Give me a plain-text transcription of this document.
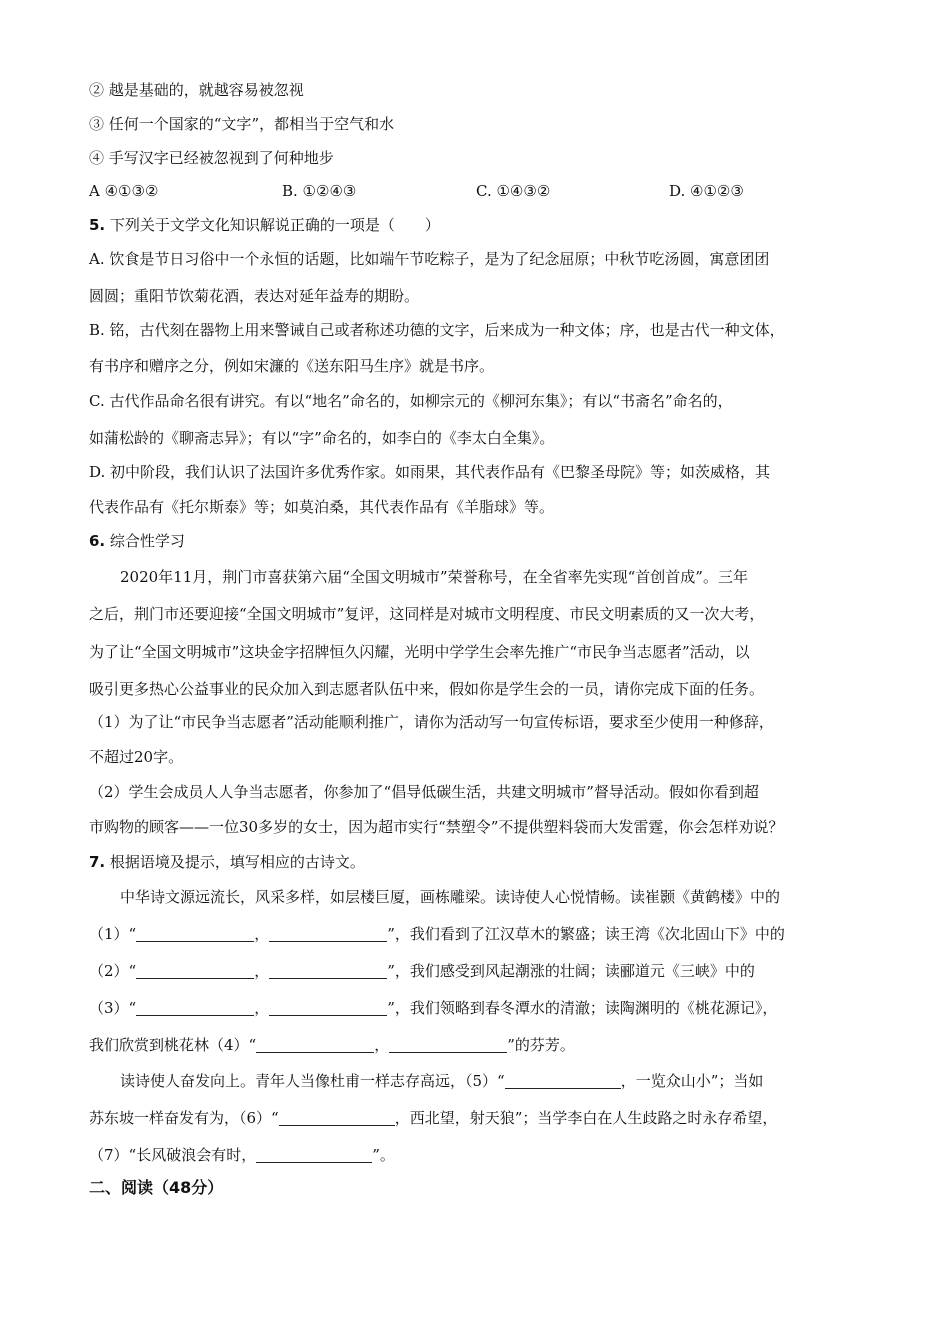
② 越是基础的，就越容易被忽视
③ 任何一个国家的“文字”，都相当于空气和水
④ 手写汉字已经被忽视到了何种地步
A ④①③②	B. ①②④③	C. ①④③②	D. ④①②③
5. 下列关于文学文化知识解说正确的一项是（　　）
A. 饮食是节日习俗中一个永恒的话题，比如端午节吃粽子，是为了纪念屈原；中秋节吃汤圆，寓意团团
圆圆；重阳节饮菊花酒，表达对延年益寿的期盼。
B. 铭，古代刻在器物上用来警诫自己或者称述功德的文字，后来成为一种文体；序，也是古代一种文体，
有书序和赠序之分，例如宋濂的《送东阳马生序》就是书序。
C. 古代作品命名很有讲究。有以“地名”命名的，如柳宗元的《柳河东集》；有以“书斋名”命名的，
如蒲松龄的《聊斋志异》；有以“字”命名的，如李白的《李太白全集》。
D. 初中阶段，我们认识了法国许多优秀作家。如雨果，其代表作品有《巴黎圣母院》等；如茨威格，其
代表作品有《托尔斯泰》等；如莫泊桑，其代表作品有《羊脂球》等。
6. 综合性学习
2020年11月，荆门市喜获第六届“全国文明城市”荣誉称号，在全省率先实现“首创首成”。三年
之后，荆门市还要迎接“全国文明城市”复评，这同样是对城市文明程度、市民文明素质的又一次大考，
为了让“全国文明城市”这块金字招牌恒久闪耀，光明中学学生会率先推广“市民争当志愿者”活动，以
吸引更多热心公益事业的民众加入到志愿者队伍中来，假如你是学生会的一员，请你完成下面的任务。
（1）为了让“市民争当志愿者”活动能顺利推广，请你为活动写一句宣传标语，要求至少使用一种修辞，
不超过20字。
（2）学生会成员人人争当志愿者，你参加了“倡导低碳生活，共建文明城市”督导活动。假如你看到超
市购物的顾客——一位30多岁的女士，因为超市实行“禁塑令”不提供塑料袋而大发雷霆，你会怎样劝说？
7. 根据语境及提示，填写相应的古诗文。
中华诗文源远流长，风采多样，如层楼巨厦，画栋雕梁。读诗使人心悦情畅。读崔颢《黄鹤楼》中的
（1）“	，	”，我们看到了江汉草木的繁盛；读王湾《次北固山下》中的
（2）“	，	”，我们感受到风起潮涨的壮阔；读郦道元《三峡》中的
（3）“	，	”，我们领略到春冬潭水的清澈；读陶渊明的《桃花源记》，
我们欣赏到桃花林（4）“	，	”的芬芳。
读诗使人奋发向上。青年人当像杜甫一样志存高远，（5）“	，一览众山小”；当如
苏东坡一样奋发有为，（6）“	，西北望，射天狼”；当学李白在人生歧路之时永存希望，
（7）“长风破浪会有时，	”。
二、阅读（48分）
